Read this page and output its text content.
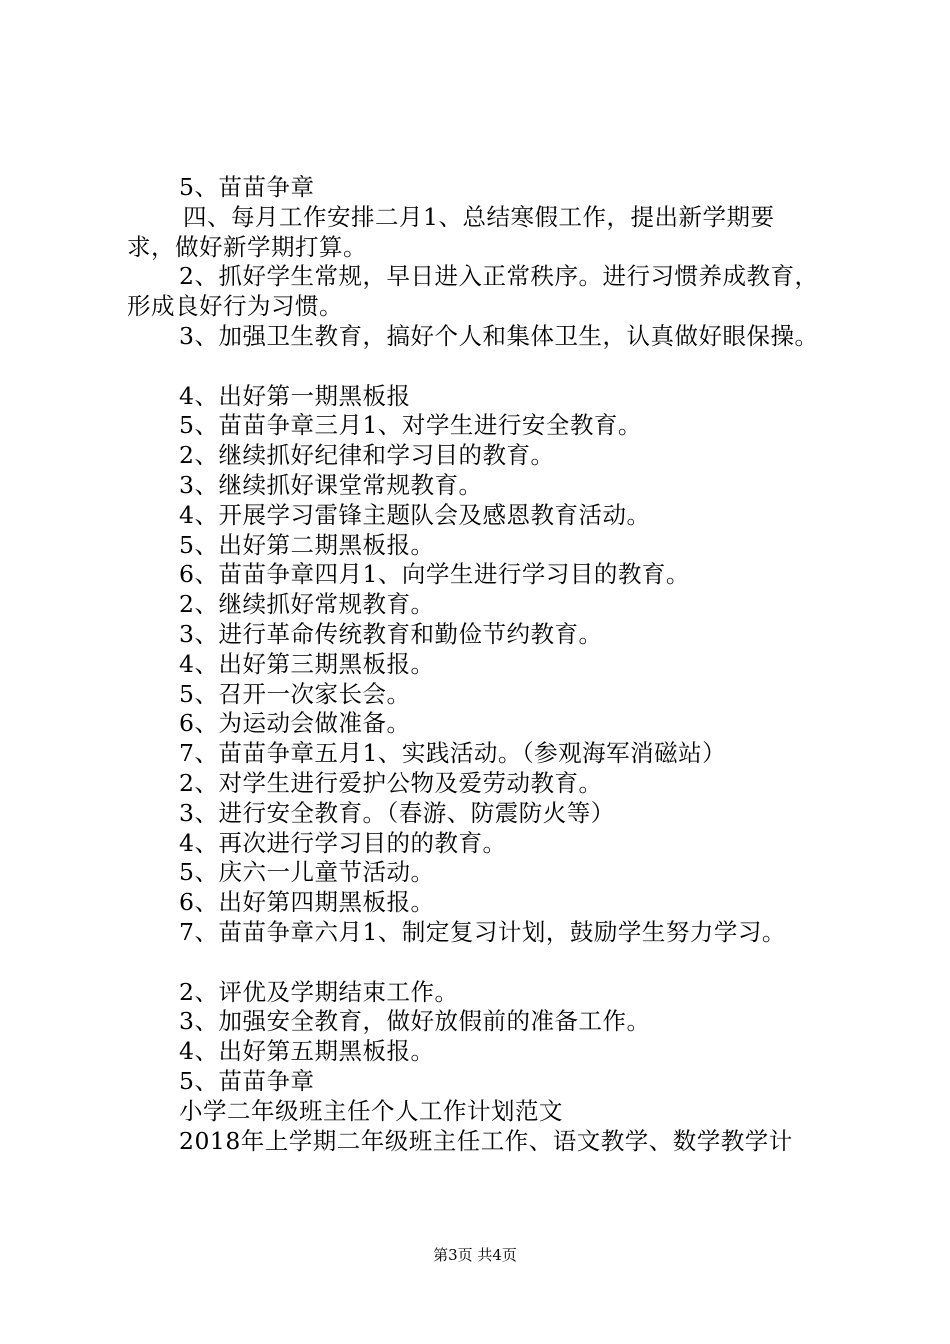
5、苗苗争章
四、每月工作安排二月1、总结寒假工作，提出新学期要
求，做好新学期打算。
2、抓好学生常规，早日进入正常秩序。进行习惯养成教育，
形成良好行为习惯。
3、加强卫生教育，搞好个人和集体卫生，认真做好眼保操。
4、出好第一期黑板报
5、苗苗争章三月1、对学生进行安全教育。
2、继续抓好纪律和学习目的教育。
3、继续抓好课堂常规教育。
4、开展学习雷锋主题队会及感恩教育活动。
5、出好第二期黑板报。
6、苗苗争章四月1、向学生进行学习目的教育。
2、继续抓好常规教育。
3、进行革命传统教育和勤俭节约教育。
4、出好第三期黑板报。
5、召开一次家长会。
6、为运动会做准备。
7、苗苗争章五月1、实践活动。（参观海军消磁站）
2、对学生进行爱护公物及爱劳动教育。
3、进行安全教育。（春游、防震防火等）
4、再次进行学习目的的教育。
5、庆六一儿童节活动。
6、出好第四期黑板报。
7、苗苗争章六月1、制定复习计划，鼓励学生努力学习。
2、评优及学期结束工作。
3、加强安全教育，做好放假前的准备工作。
4、出好第五期黑板报。
5、苗苗争章
小学二年级班主任个人工作计划范文
2018年上学期二年级班主任工作、语文教学、数学教学计
第3页 共4页
